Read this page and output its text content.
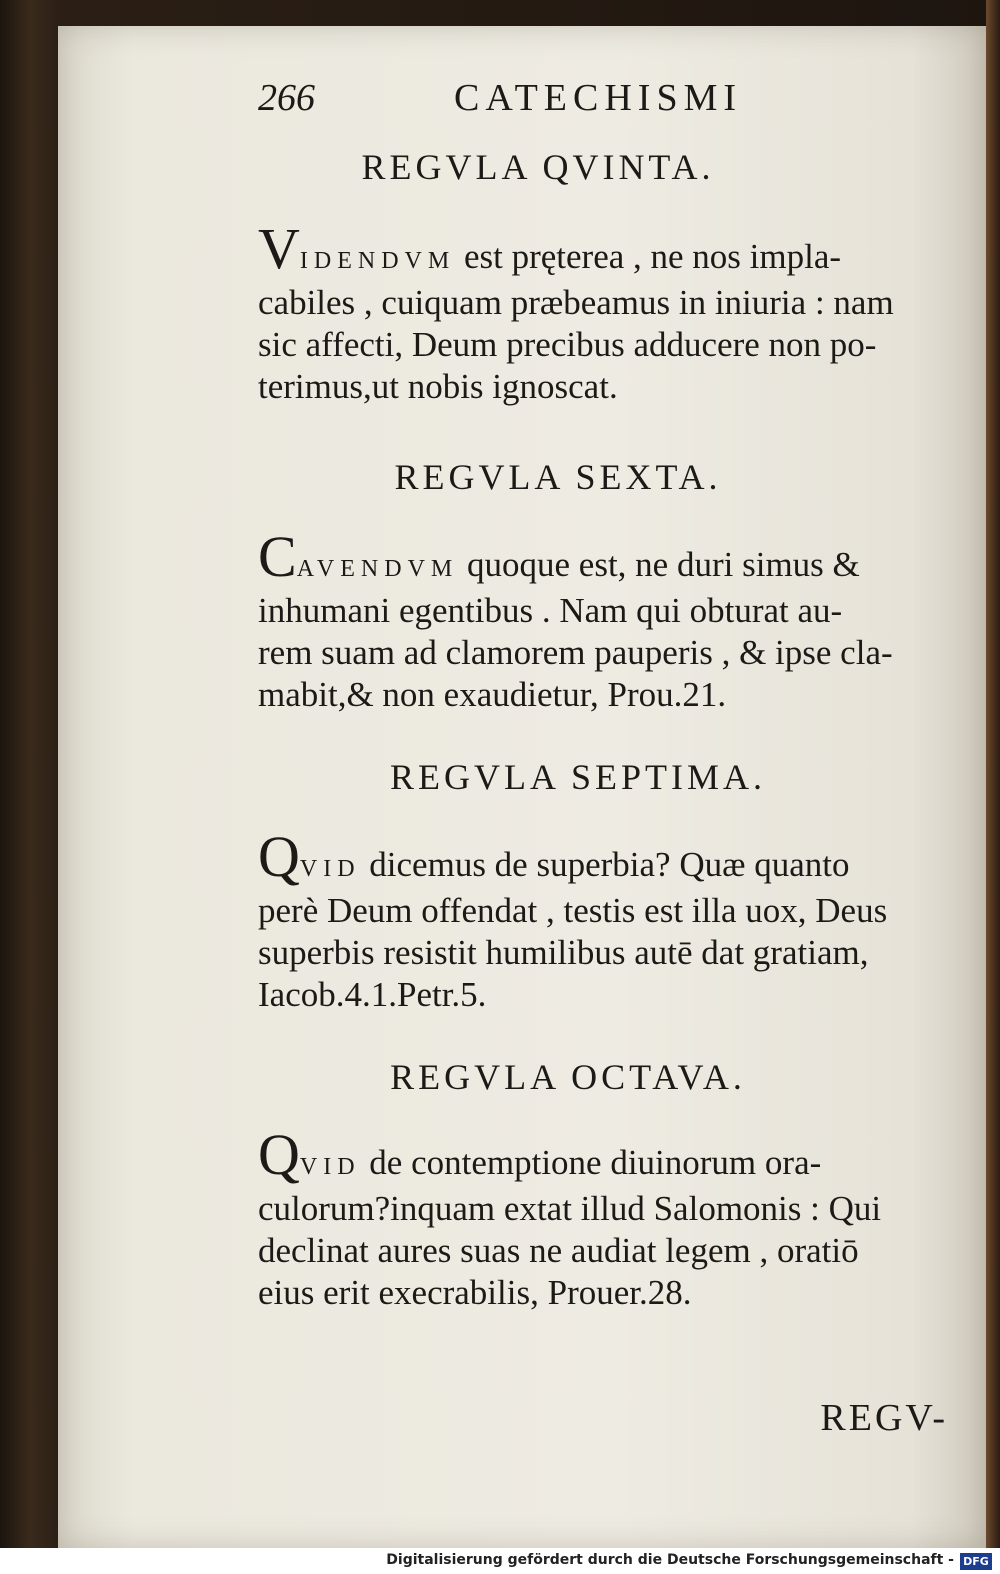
266	CATECHISMI
REGVLA QVINTA.

VIDENDVM est pręterea , ne nos impla-
cabiles , cuiquam præbeamus in iniuria : nam
sic affecti, Deum precibus adducere non po-
terimus,ut nobis ignoscat.

REGVLA SEXTA.

CAVENDVM quoque est, ne duri simus &
inhumani egentibus . Nam qui obturat au-
rem suam ad clamorem pauperis , & ipse cla-
mabit,& non exaudietur, Prou.21.

REGVLA SEPTIMA.

QVID dicemus de superbia? Quæ quanto
perè Deum offendat , testis est illa uox, Deus
superbis resistit humilibus autē dat gratiam,
Iacob.4.1.Petr.5.

REGVLA OCTAVA.

QVID de contemptione diuinorum ora-
culorum?inquam extat illud Salomonis : Qui
declinat aures suas ne audiat legem , oratiō
eius erit execrabilis, Prouer.28.

REGV-
Digitalisierung gefördert durch die Deutsche Forschungsgemeinschaft - DFG
